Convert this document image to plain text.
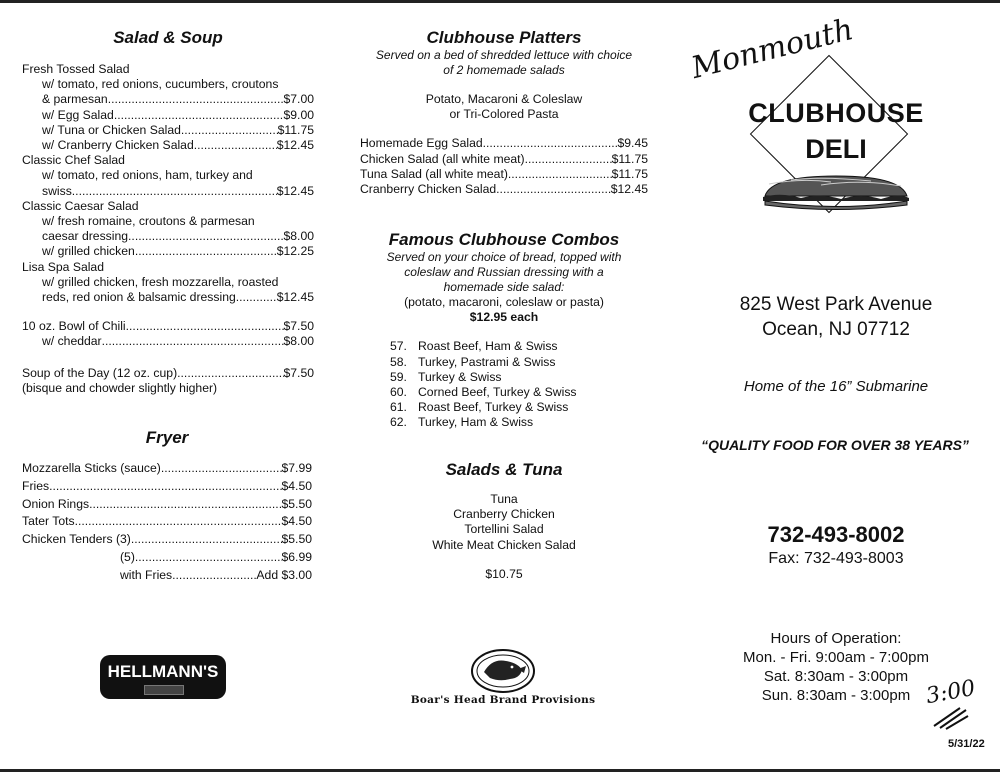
Salad & Soup
Fresh Tossed Salad
w/ tomato, red onions, cucumbers, croutons
& parmesan .....	$7.00
w/ Egg Salad .....	$9.00
w/ Tuna or Chicken Salad .....	$11.75
w/ Cranberry Chicken Salad .....	$12.45
Classic Chef Salad
w/ tomato, red onions, ham, turkey and
swiss .....	$12.45
Classic Caesar Salad
w/ fresh romaine, croutons & parmesan
caesar dressing .....	$8.00
w/ grilled chicken .....	$12.25
Lisa Spa Salad
w/ grilled chicken, fresh mozzarella, roasted
reds, red onion & balsamic dressing .....	$12.45
10 oz. Bowl of Chili .....	$7.50
w/ cheddar .....	$8.00
Soup of the Day (12 oz. cup) .....	$7.50
(bisque and chowder slightly higher)
Fryer
Mozzarella Sticks (sauce) .....	$7.99
Fries .....	$4.50
Onion Rings .....	$5.50
Tater Tots .....	$4.50
Chicken Tenders (3) .....	$5.50
(5) .....	$6.99
with Fries .....	Add $3.00
HELLMANN'S
Clubhouse Platters
Served on a bed of shredded lettuce with choice
of 2 homemade salads
Potato, Macaroni & Coleslaw
or Tri-Colored Pasta
Homemade Egg Salad .....	$9.45
Chicken Salad (all white meat) .....	$11.75
Tuna Salad (all white meat) .....	$11.75
Cranberry Chicken Salad .....	$12.45
Famous Clubhouse Combos
Served on your choice of bread, topped with
coleslaw and Russian dressing with a
homemade side salad:
(potato, macaroni, coleslaw or pasta)
$12.95 each
57. Roast Beef, Ham & Swiss
58. Turkey, Pastrami & Swiss
59. Turkey & Swiss
60. Corned Beef, Turkey & Swiss
61. Roast Beef, Turkey & Swiss
62. Turkey, Ham & Swiss
Salads & Tuna
Tuna
Cranberry Chicken
Tortellini Salad
White Meat Chicken Salad
$10.75
Boar's Head Brand Provisions
Monmouth
CLUBHOUSE
DELI
825 West Park Avenue
Ocean, NJ 07712
Home of the 16” Submarine
“QUALITY FOOD FOR OVER 38 YEARS”
732-493-8002
Fax: 732-493-8003
Hours of Operation:
Mon. - Fri. 9:00am - 7:00pm
Sat. 8:30am - 3:00pm
Sun. 8:30am - 3:00pm 3:00
5/31/22
